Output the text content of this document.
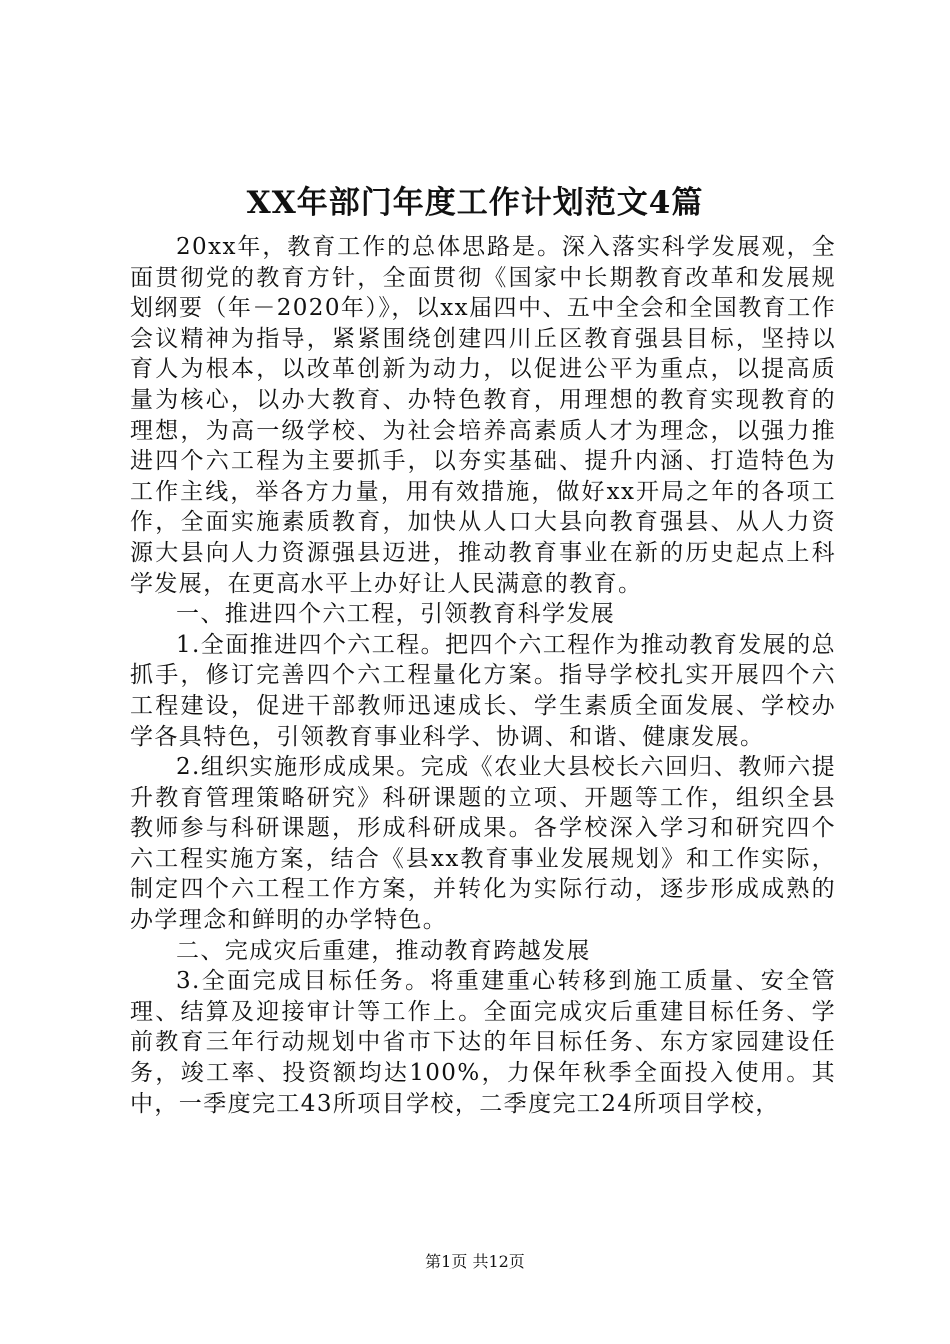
XX年部门年度工作计划范文4篇

20xx年，教育工作的总体思路是。深入落实科学发展观，全面贯彻党的教育方针，全面贯彻《国家中长期教育改革和发展规划纲要（年－2020年）》，以xx届四中、五中全会和全国教育工作会议精神为指导，紧紧围绕创建四川丘区教育强县目标，坚持以育人为根本，以改革创新为动力，以促进公平为重点，以提高质量为核心，以办大教育、办特色教育，用理想的教育实现教育的理想，为高一级学校、为社会培养高素质人才为理念，以强力推进四个六工程为主要抓手，以夯实基础、提升内涵、打造特色为工作主线，举各方力量，用有效措施，做好xx开局之年的各项工作，全面实施素质教育，加快从人口大县向教育强县、从人力资源大县向人力资源强县迈进，推动教育事业在新的历史起点上科学发展，在更高水平上办好让人民满意的教育。

一、推进四个六工程，引领教育科学发展

1.全面推进四个六工程。把四个六工程作为推动教育发展的总抓手，修订完善四个六工程量化方案。指导学校扎实开展四个六工程建设，促进干部教师迅速成长、学生素质全面发展、学校办学各具特色，引领教育事业科学、协调、和谐、健康发展。

2.组织实施形成成果。完成《农业大县校长六回归、教师六提升教育管理策略研究》科研课题的立项、开题等工作，组织全县教师参与科研课题，形成科研成果。各学校深入学习和研究四个六工程实施方案，结合《县xx教育事业发展规划》和工作实际，制定四个六工程工作方案，并转化为实际行动，逐步形成成熟的办学理念和鲜明的办学特色。

二、完成灾后重建，推动教育跨越发展

3.全面完成目标任务。将重建重心转移到施工质量、安全管理、结算及迎接审计等工作上。全面完成灾后重建目标任务、学前教育三年行动规划中省市下达的年目标任务、东方家园建设任务，竣工率、投资额均达100%，力保年秋季全面投入使用。其中，一季度完工43所项目学校，二季度完工24所项目学校，

第1页 共12页
